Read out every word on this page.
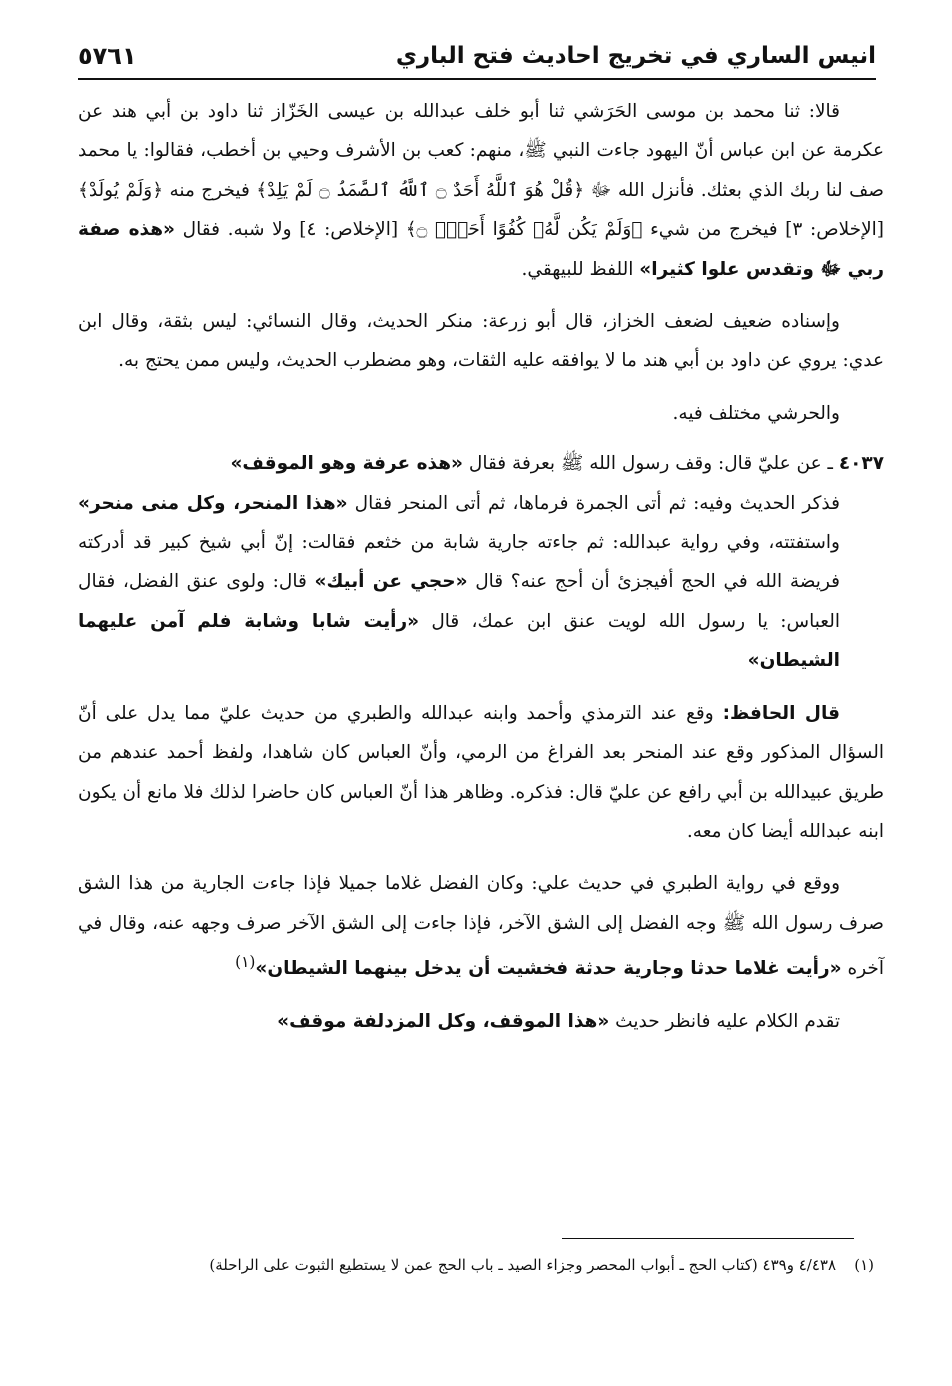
انيس الساري في تخريج احاديث فتح الباري
٥٧٦١

قالا: ثنا محمد بن موسى الحَرَشي ثنا أبو خلف عبدالله بن عيسى الخَزّاز ثنا داود بن أبي هند عن عكرمة عن ابن عباس أنّ اليهود جاءت النبي ﷺ، منهم: كعب بن الأشرف وحيي بن أخطب، فقالوا: يا محمد صف لنا ربك الذي بعثك. فأنزل الله ﷻ ﴿قُلْ هُوَ ٱللَّهُ أَحَدٌ ۝ ٱللَّهُ ٱلصَّمَدُ ۝ لَمْ يَلِدْ﴾ فيخرج منه ﴿وَلَمْ يُولَدْ﴾ [الإخلاص: ٣] فيخرج من شيء ﴿وَلَمْ يَكُن لَّهُۥ كُفُوًا أَحَدٌۢ ۝﴾ [الإخلاص: ٤] ولا شبه. فقال «هذه صفة ربي ﷻ وتقدس علوا كثيرا» اللفظ للبيهقي.

وإسناده ضعيف لضعف الخزاز، قال أبو زرعة: منكر الحديث، وقال النسائي: ليس بثقة، وقال ابن عدي: يروي عن داود بن أبي هند ما لا يوافقه عليه الثقات، وهو مضطرب الحديث، وليس ممن يحتج به.

والحرشي مختلف فيه.

٤٠٣٧ ـ عن عليّ قال: وقف رسول الله ﷺ بعرفة فقال «هذه عرفة وهو الموقف»

فذكر الحديث وفيه: ثم أتى الجمرة فرماها، ثم أتى المنحر فقال «هذا المنحر، وكل منى منحر» واستفتته، وفي رواية عبدالله: ثم جاءته جارية شابة من خثعم فقالت: إنّ أبي شيخ كبير قد أدركته فريضة الله في الحج أفيجزئ أن أحج عنه؟ قال «حجي عن أبيك» قال: ولوى عنق الفضل، فقال العباس: يا رسول الله لويت عنق ابن عمك، قال «رأيت شابا وشابة فلم آمن عليهما الشيطان»

قال الحافظ: وقع عند الترمذي وأحمد وابنه عبدالله والطبري من حديث عليّ مما يدل على أنّ السؤال المذكور وقع عند المنحر بعد الفراغ من الرمي، وأنّ العباس كان شاهدا، ولفظ أحمد عندهم من طريق عبيدالله بن أبي رافع عن عليّ قال: فذكره. وظاهر هذا أنّ العباس كان حاضرا لذلك فلا مانع أن يكون ابنه عبدالله أيضا كان معه.

ووقع في رواية الطبري في حديث علي: وكان الفضل غلاما جميلا فإذا جاءت الجارية من هذا الشق صرف رسول الله ﷺ وجه الفضل إلى الشق الآخر، فإذا جاءت إلى الشق الآخر صرف وجهه عنه، وقال في آخره «رأيت غلاما حدثا وجارية حدثة فخشيت أن يدخل بينهما الشيطان»$^{(١)}$

تقدم الكلام عليه فانظر حديث «هذا الموقف، وكل المزدلفة موقف»

(١)٤/٤٣٨ و٤٣٩ (كتاب الحج ـ أبواب المحصر وجزاء الصيد ـ باب الحج عمن لا يستطيع الثبوت على الراحلة)
